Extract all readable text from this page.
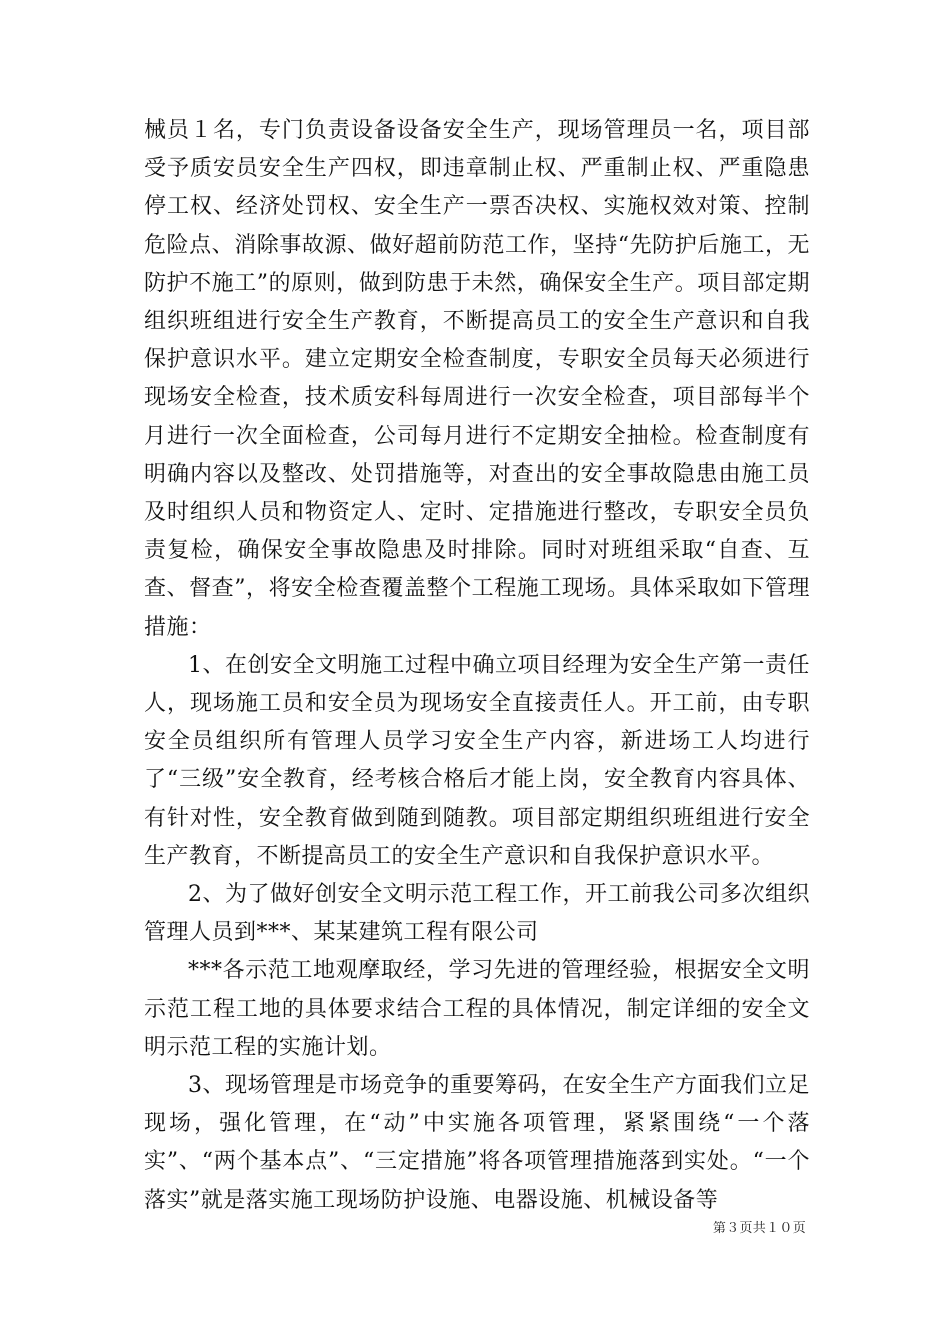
械员１名，专门负责设备设备安全生产，现场管理员一名，项目部受予质安员安全生产四权，即违章制止权、严重制止权、严重隐患停工权、经济处罚权、安全生产一票否决权、实施权效对策、控制危险点、消除事故源、做好超前防范工作，坚持“先防护后施工，无防护不施工”的原则，做到防患于未然，确保安全生产。项目部定期组织班组进行安全生产教育，不断提高员工的安全生产意识和自我保护意识水平。建立定期安全检查制度，专职安全员每天必须进行现场安全检查，技术质安科每周进行一次安全检查，项目部每半个月进行一次全面检查，公司每月进行不定期安全抽检。检查制度有明确内容以及整改、处罚措施等，对查出的安全事故隐患由施工员及时组织人员和物资定人、定时、定措施进行整改，专职安全员负责复检，确保安全事故隐患及时排除。同时对班组采取“自查、互查、督查”，将安全检查覆盖整个工程施工现场。具体采取如下管理措施：

1、在创安全文明施工过程中确立项目经理为安全生产第一责任人，现场施工员和安全员为现场安全直接责任人。开工前，由专职安全员组织所有管理人员学习安全生产内容，新进场工人均进行了“三级”安全教育，经考核合格后才能上岗，安全教育内容具体、有针对性，安全教育做到随到随教。项目部定期组织班组进行安全生产教育，不断提高员工的安全生产意识和自我保护意识水平。

2、为了做好创安全文明示范工程工作，开工前我公司多次组织管理人员到***、某某建筑工程有限公司

***各示范工地观摩取经，学习先进的管理经验，根据安全文明示范工程工地的具体要求结合工程的具体情况，制定详细的安全文明示范工程的实施计划。

3、现场管理是市场竞争的重要筹码，在安全生产方面我们立足现场，强化管理，在“动”中实施各项管理，紧紧围绕“一个落实”、“两个基本点”、“三定措施”将各项管理措施落到实处。“一个落实”就是落实施工现场防护设施、电器设施、机械设备等

第３页共１０页
